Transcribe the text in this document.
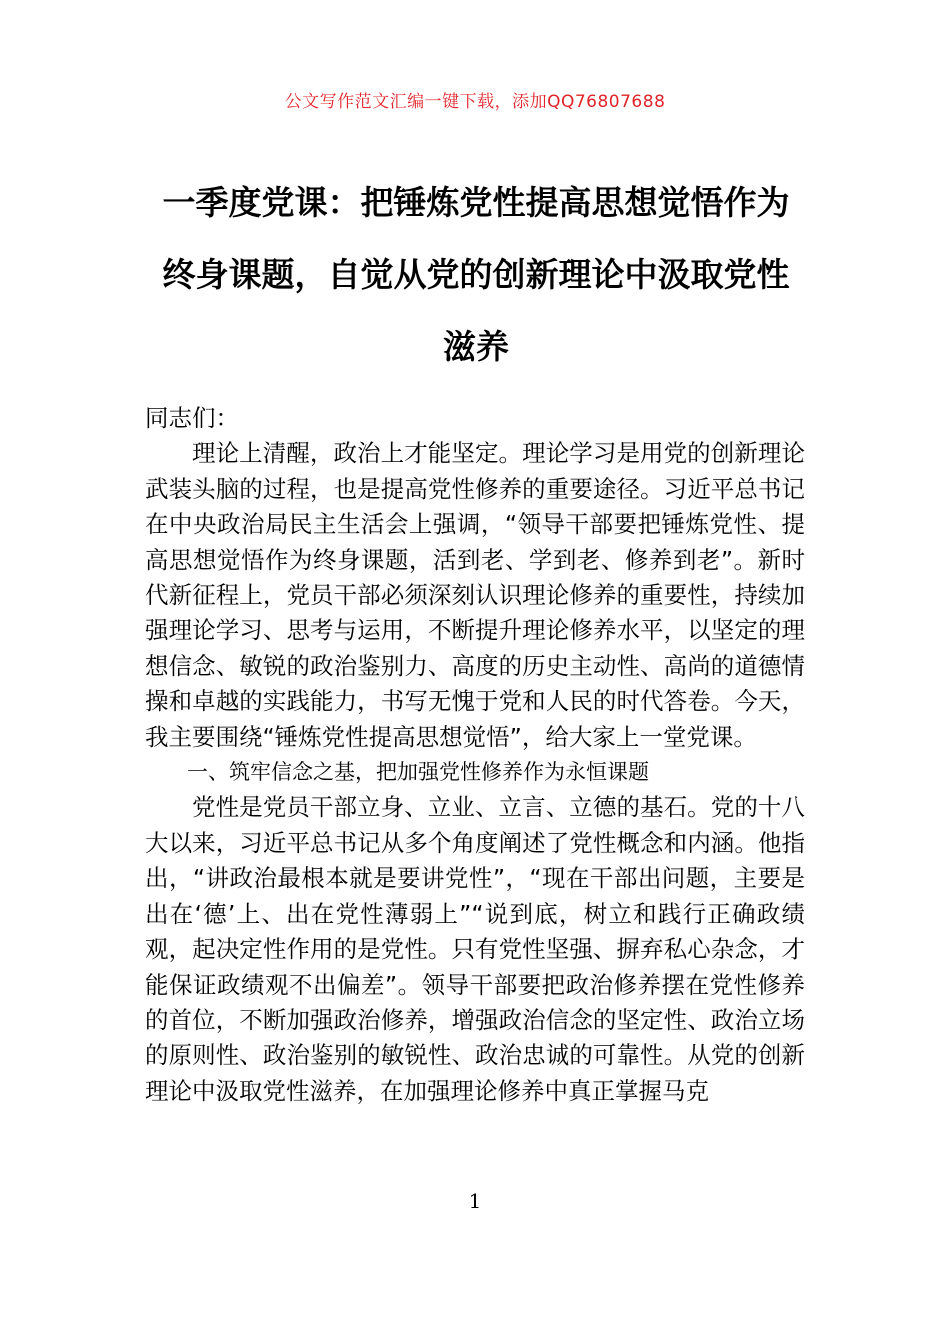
公文写作范文汇编一键下载，添加QQ76807688
一季度党课：把锤炼党性提高思想觉悟作为终身课题，自觉从党的创新理论中汲取党性滋养

同志们：

理论上清醒，政治上才能坚定。理论学习是用党的创新理论武装头脑的过程，也是提高党性修养的重要途径。习近平总书记在中央政治局民主生活会上强调，“领导干部要把锤炼党性、提高思想觉悟作为终身课题，活到老、学到老、修养到老”。新时代新征程上，党员干部必须深刻认识理论修养的重要性，持续加强理论学习、思考与运用，不断提升理论修养水平，以坚定的理想信念、敏锐的政治鉴别力、高度的历史主动性、高尚的道德情操和卓越的实践能力，书写无愧于党和人民的时代答卷。今天，我主要围绕“锤炼党性提高思想觉悟”，给大家上一堂党课。

一、筑牢信念之基，把加强党性修养作为永恒课题

党性是党员干部立身、立业、立言、立德的基石。党的十八大以来，习近平总书记从多个角度阐述了党性概念和内涵。他指出，“讲政治最根本就是要讲党性”，“现在干部出问题，主要是出在‘德’上、出在党性薄弱上”“说到底，树立和践行正确政绩观，起决定性作用的是党性。只有党性坚强、摒弃私心杂念，才能保证政绩观不出偏差”。领导干部要把政治修养摆在党性修养的首位，不断加强政治修养，增强政治信念的坚定性、政治立场的原则性、政治鉴别的敏锐性、政治忠诚的可靠性。从党的创新理论中汲取党性滋养，在加强理论修养中真正掌握马克

1
